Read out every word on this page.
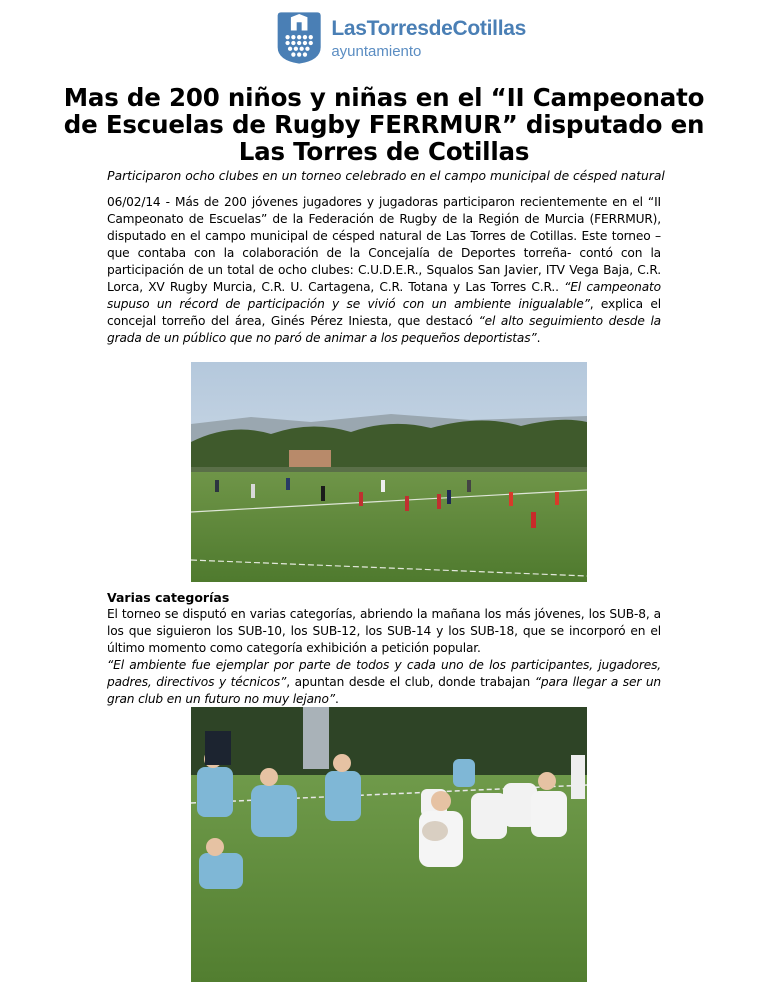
LasTorresdeCotillas
ayuntamiento
Mas de 200 niños y niñas en el “II Campeonato de Escuelas de Rugby FERRMUR” disputado en Las Torres de Cotillas

Participaron ocho clubes en un torneo celebrado en el campo municipal de césped natural

06/02/14 - Más de 200 jóvenes jugadores y jugadoras participaron recientemente en el “II Campeonato de Escuelas” de la Federación de Rugby de la Región de Murcia (FERRMUR), disputado en el campo municipal de césped natural de Las Torres de Cotillas. Este torneo –que contaba con la colaboración de la Concejalía de Deportes torreña- contó con la participación de un total de ocho clubes: C.U.D.E.R., Squalos San Javier, ITV Vega Baja, C.R. Lorca, XV Rugby Murcia, C.R. U. Cartagena, C.R. Totana y Las Torres C.R.. “El campeonato supuso un récord de participación y se vivió con un ambiente inigualable”, explica el concejal torreño del área, Ginés Pérez Iniesta, que destacó “el alto seguimiento desde la grada de un público que no paró de animar a los pequeños deportistas”.

Varias categorías

El torneo se disputó en varias categorías, abriendo la mañana los más jóvenes, los SUB-8, a los que siguieron los SUB-10, los SUB-12, los SUB-14 y los SUB-18, que se incorporó en el último momento como categoría exhibición a petición popular.
“El ambiente fue ejemplar por parte de todos y cada uno de los participantes, jugadores, padres, directivos y técnicos”, apuntan desde el club, donde trabajan “para llegar a ser un gran club en un futuro no muy lejano”.
